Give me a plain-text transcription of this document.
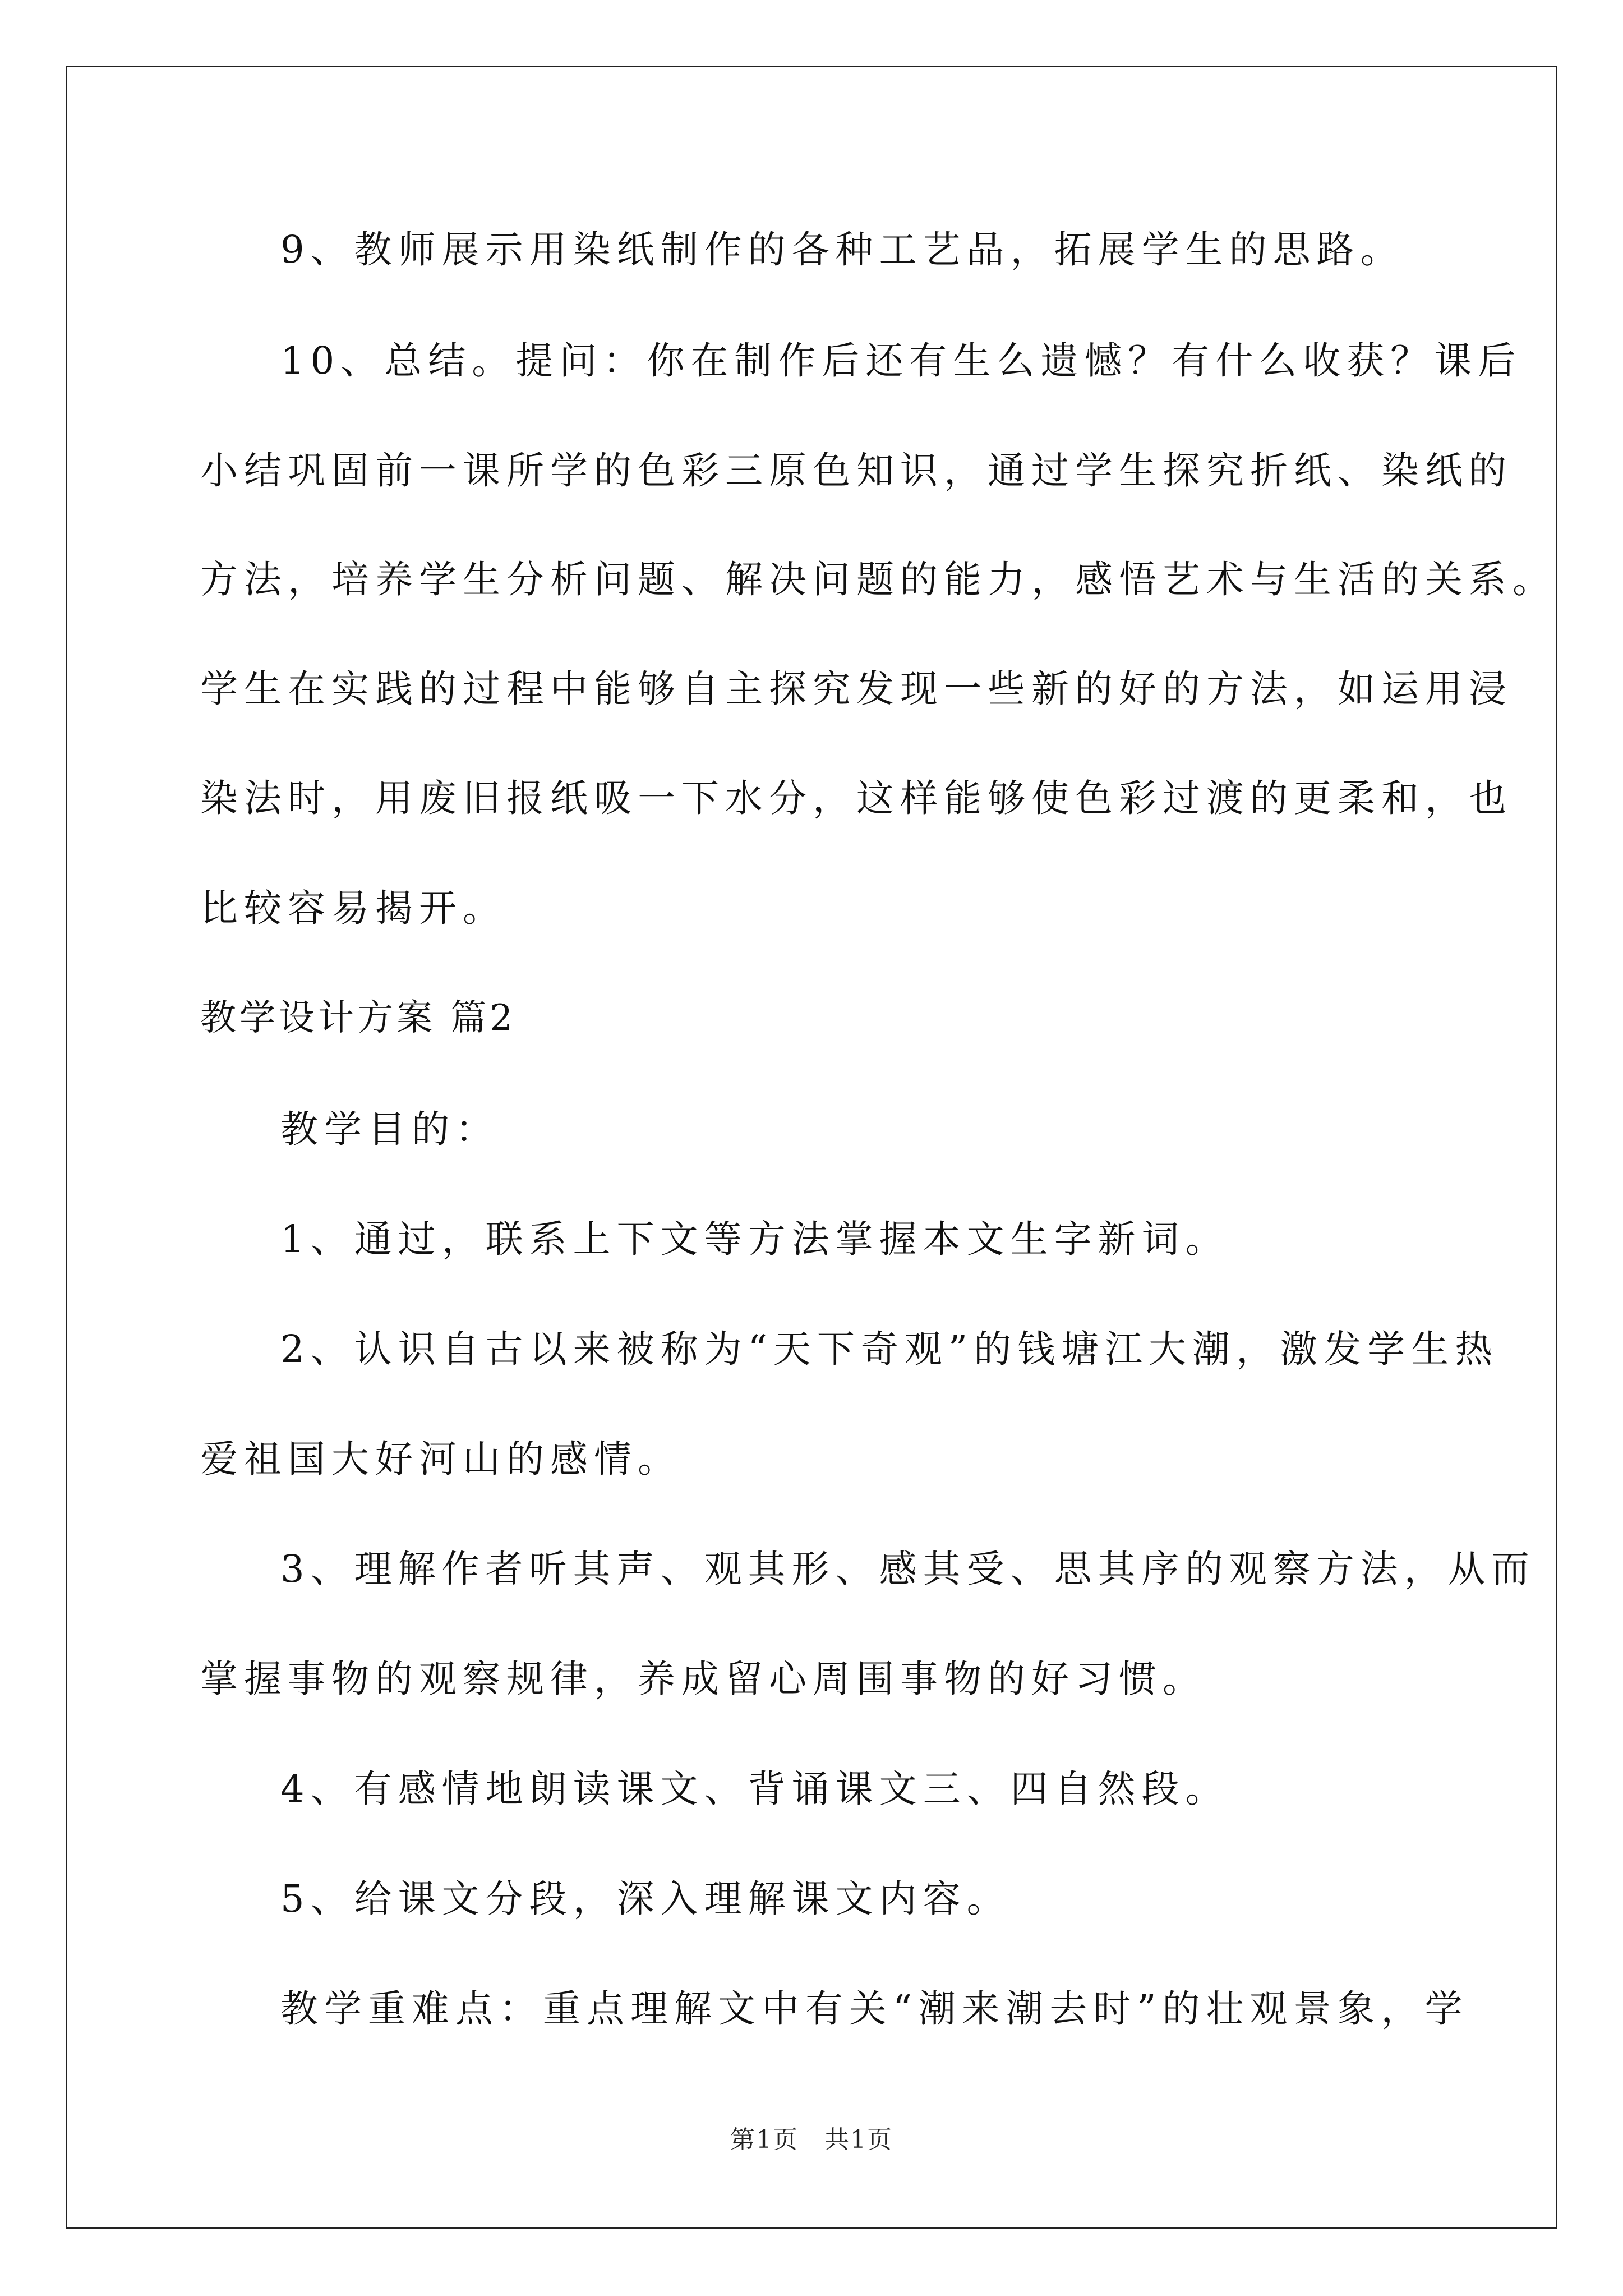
9、教师展示用染纸制作的各种工艺品，拓展学生的思路。
10、总结。提问：你在制作后还有生么遗憾？有什么收获？课后
小结巩固前一课所学的色彩三原色知识，通过学生探究折纸、染纸的
方法，培养学生分析问题、解决问题的能力，感悟艺术与生活的关系。
学生在实践的过程中能够自主探究发现一些新的好的方法，如运用浸
染法时，用废旧报纸吸一下水分，这样能够使色彩过渡的更柔和，也
比较容易揭开。
教学设计方案 篇2
教学目的：
1、通过，联系上下文等方法掌握本文生字新词。
2、认识自古以来被称为“天下奇观”的钱塘江大潮，激发学生热
爱祖国大好河山的感情。
3、理解作者听其声、观其形、感其受、思其序的观察方法，从而
掌握事物的观察规律，养成留心周围事物的好习惯。
4、有感情地朗读课文、背诵课文三、四自然段。
5、给课文分段，深入理解课文内容。
教学重难点：重点理解文中有关“潮来潮去时”的壮观景象，学
第1页　共1页
